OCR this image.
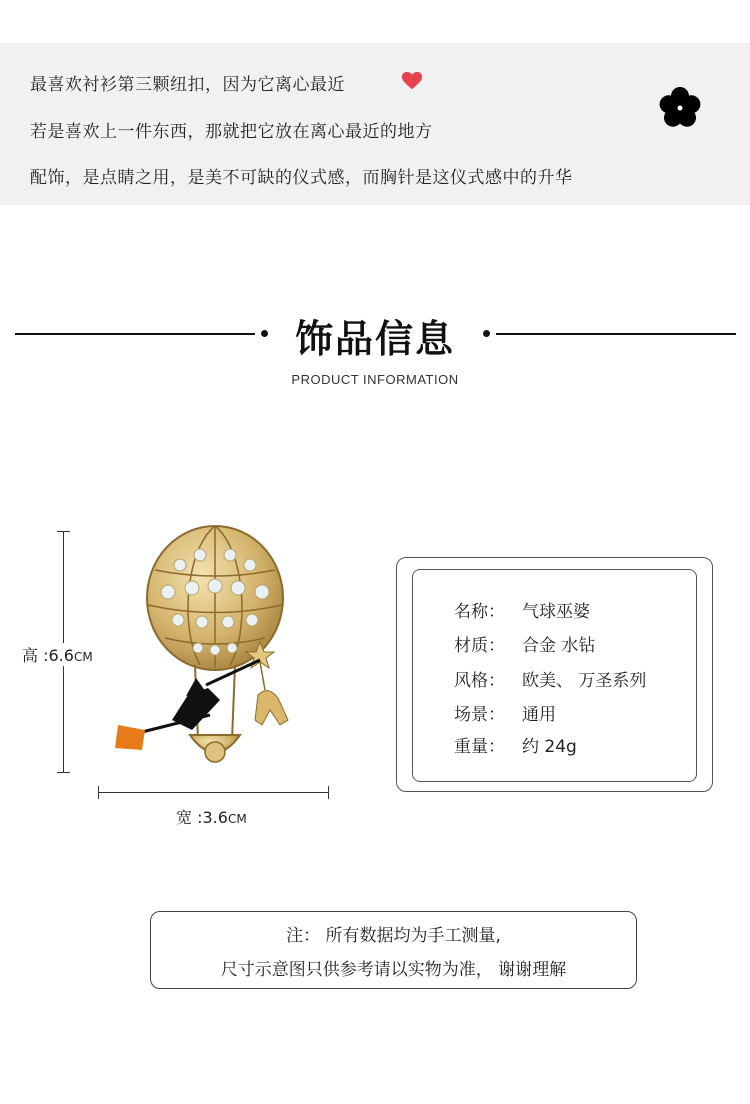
最喜欢衬衫第三颗纽扣，因为它离心最近
若是喜欢上一件东西，那就把它放在离心最近的地方
配饰，是点睛之用，是美不可缺的仪式感，而胸针是这仪式感中的升华
饰品信息
PRODUCT INFORMATION
高 :6.6CM
宽 :3.6CM
名称： 气球巫婆
材质： 合金 水钻
风格： 欧美、 万圣系列
场景： 通用
重量： 约 24g
注： 所有数据均为手工测量,
尺寸示意图只供参考请以实物为准， 谢谢理解
